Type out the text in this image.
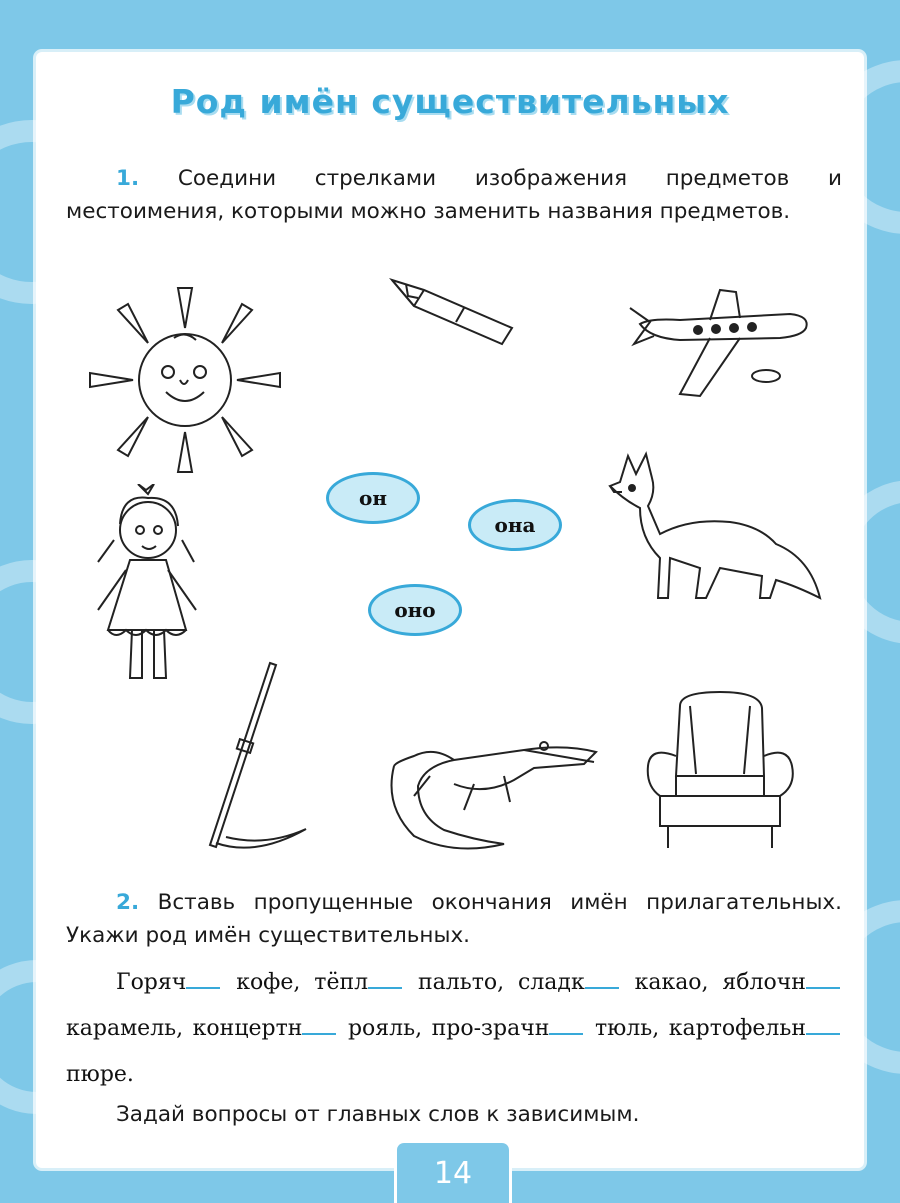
Род имён существительных
1. Соедини стрелками изображения предметов и местоимения, которыми можно заменить названия предметов.
он
она
оно
2. Вставь пропущенные окончания имён прилагательных. Укажи род имён существительных.
Горяч кофе, тёпл пальто, сладк какао, яблочн карамель, концертн рояль, про-зрачн тюль, картофельн пюре.
Задай вопросы от главных слов к зависимым.
14
